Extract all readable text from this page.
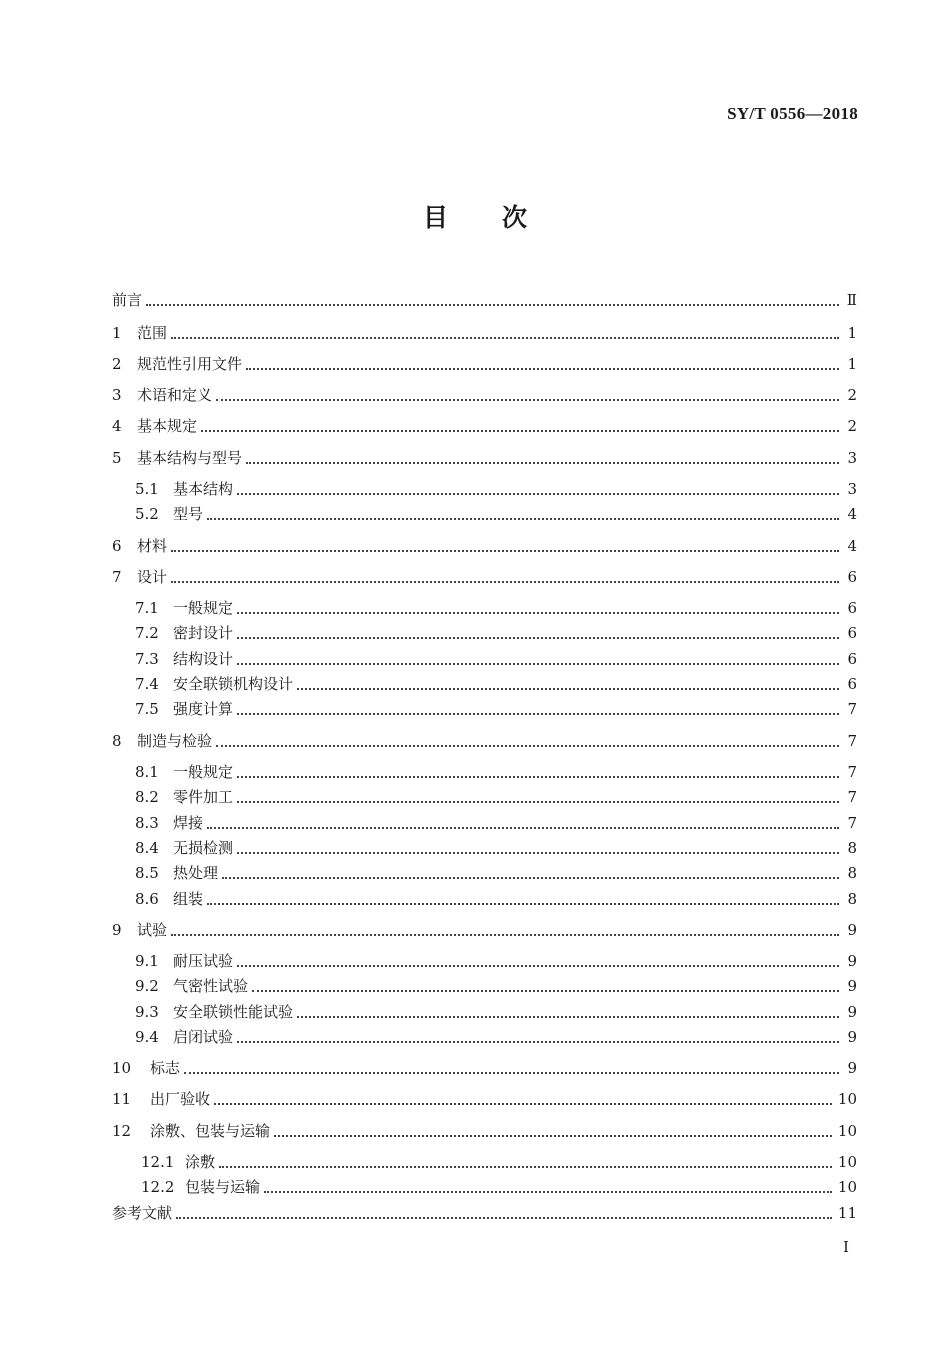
SY/T 0556—2018
目次
前言	Ⅱ
1	范围	1
2	规范性引用文件	1
3	术语和定义	2
4	基本规定	2
5	基本结构与型号	3
5.1 基本结构	3
5.2 型号	4
6	材料	4
7	设计	6
7.1 一般规定	6
7.2 密封设计	6
7.3 结构设计	6
7.4 安全联锁机构设计	6
7.5 强度计算	7
8	制造与检验	7
8.1 一般规定	7
8.2 零件加工	7
8.3 焊接	7
8.4 无损检测	8
8.5 热处理	8
8.6 组装	8
9	试验	9
9.1 耐压试验	9
9.2 气密性试验	9
9.3 安全联锁性能试验	9
9.4 启闭试验	9
10	标志	9
11	出厂验收	10
12	涂敷、包装与运输	10
12.1 涂敷	10
12.2 包装与运输	10
参考文献	11
Ⅰ
